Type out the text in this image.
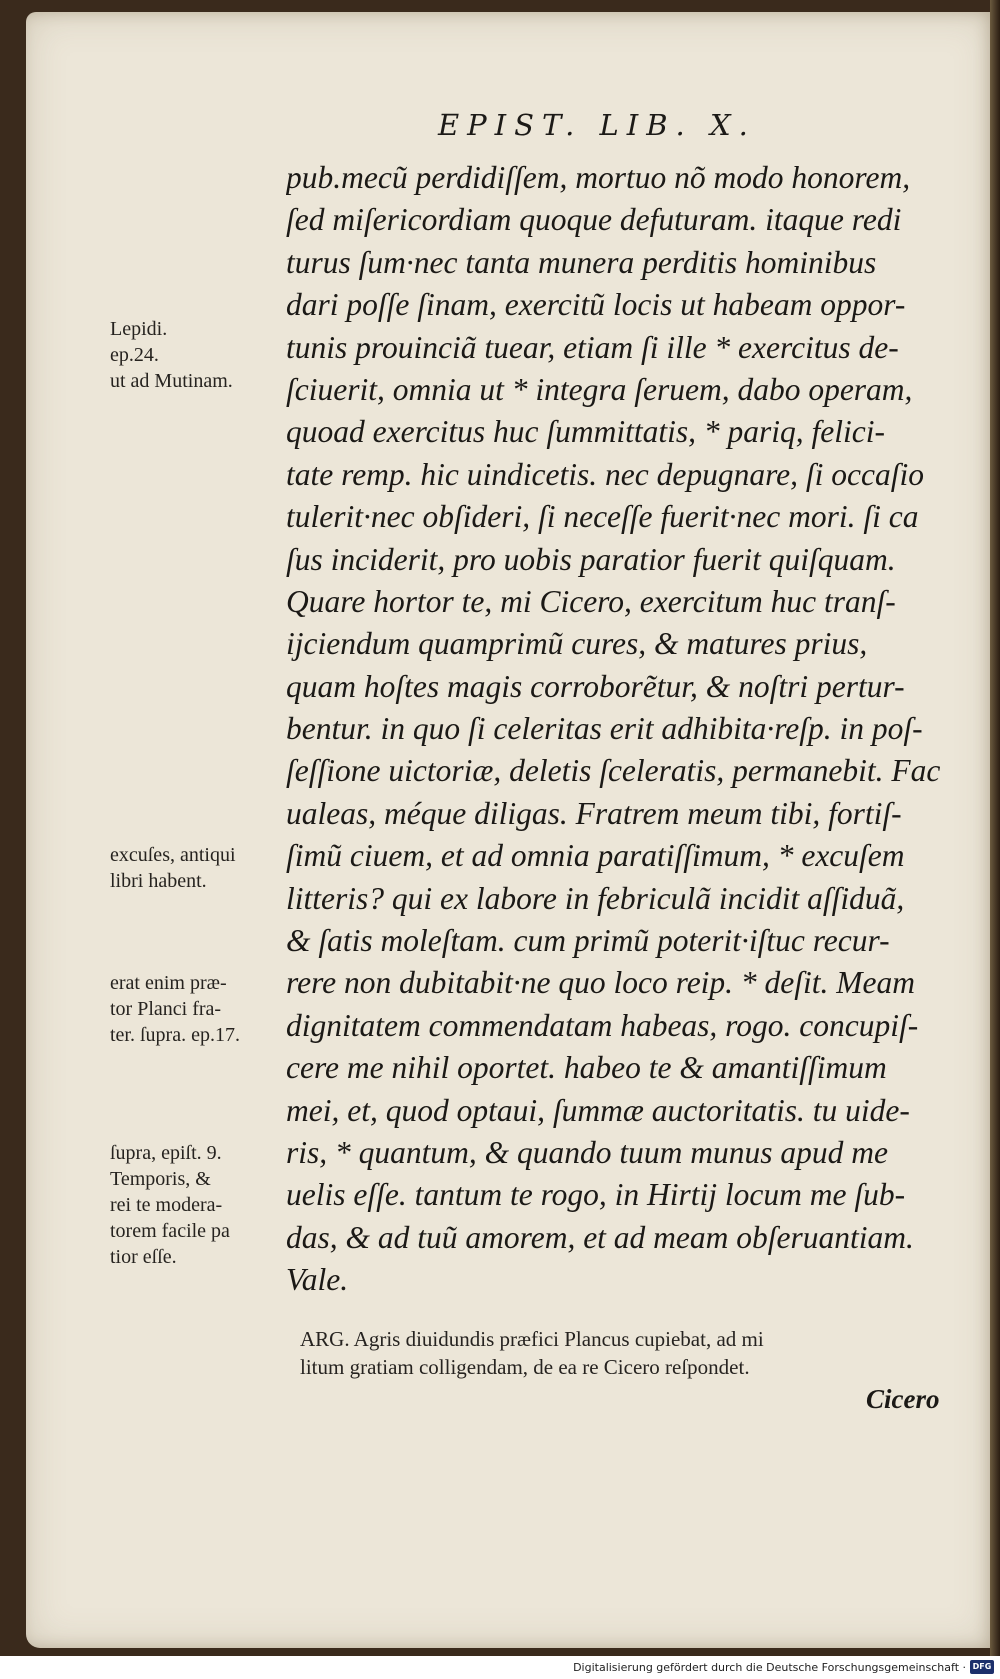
EPIST. LIB. X.
pub.mecũ perdidiſſem, mortuo nõ modo honorem,
ſed miſericordiam quoque defuturam. itaque redi
turus ſum·nec tanta munera perditis hominibus
dari poſſe ſinam, exercitũ locis ut habeam oppor-
tunis prouinciã tuear, etiam ſi ille * exercitus de-
ſciuerit, omnia ut * integra ſeruem, dabo operam,
quoad exercitus huc ſummittatis, * pariq, felici-
tate remp. hic uindicetis. nec depugnare, ſi occaſio
tulerit·nec obſideri, ſi neceſſe fuerit·nec mori. ſi ca
ſus inciderit, pro uobis paratior fuerit quiſquam.
Quare hortor te, mi Cicero, exercitum huc tranſ-
ijciendum quamprimũ cures, & matures prius,
quam hoſtes magis corroborẽtur, & noſtri pertur-
bentur. in quo ſi celeritas erit adhibita·reſp. in poſ-
ſeſſione uictoriæ, deletis ſceleratis, permanebit. Fac
ualeas, méque diligas. Fratrem meum tibi, fortiſ-
ſimũ ciuem, et ad omnia paratiſſimum, * excuſem
litteris? qui ex labore in febriculã incidit aſſiduã,
& ſatis moleſtam. cum primũ poterit·iſtuc recur-
rere non dubitabit·ne quo loco reip. * deſit. Meam
dignitatem commendatam habeas, rogo. concupiſ-
cere me nihil oportet. habeo te & amantiſſimum
mei, et, quod optaui, ſummæ auctoritatis. tu uide-
ris, * quantum, & quando tuum munus apud me
uelis eſſe. tantum te rogo, in Hirtij locum me ſub-
das, & ad tuũ amorem, et ad meam obſeruantiam.
Vale.
Lepidi.
ep.24.
ut ad Mutinam.
excuſes, antiqui
libri habent.
erat enim præ-
tor Planci fra-
ter. ſupra. ep.17.
ſupra, epiſt. 9.
Temporis, &
rei te modera-
torem facile pa
tior eſſe.
ARG. Agris diuidundis præfici Plancus cupiebat, ad mi
litum gratiam colligendam, de ea re Cicero reſpondet.
Cicero
Digitalisierung gefördert durch die Deutsche Forschungsgemeinschaft · DFG
